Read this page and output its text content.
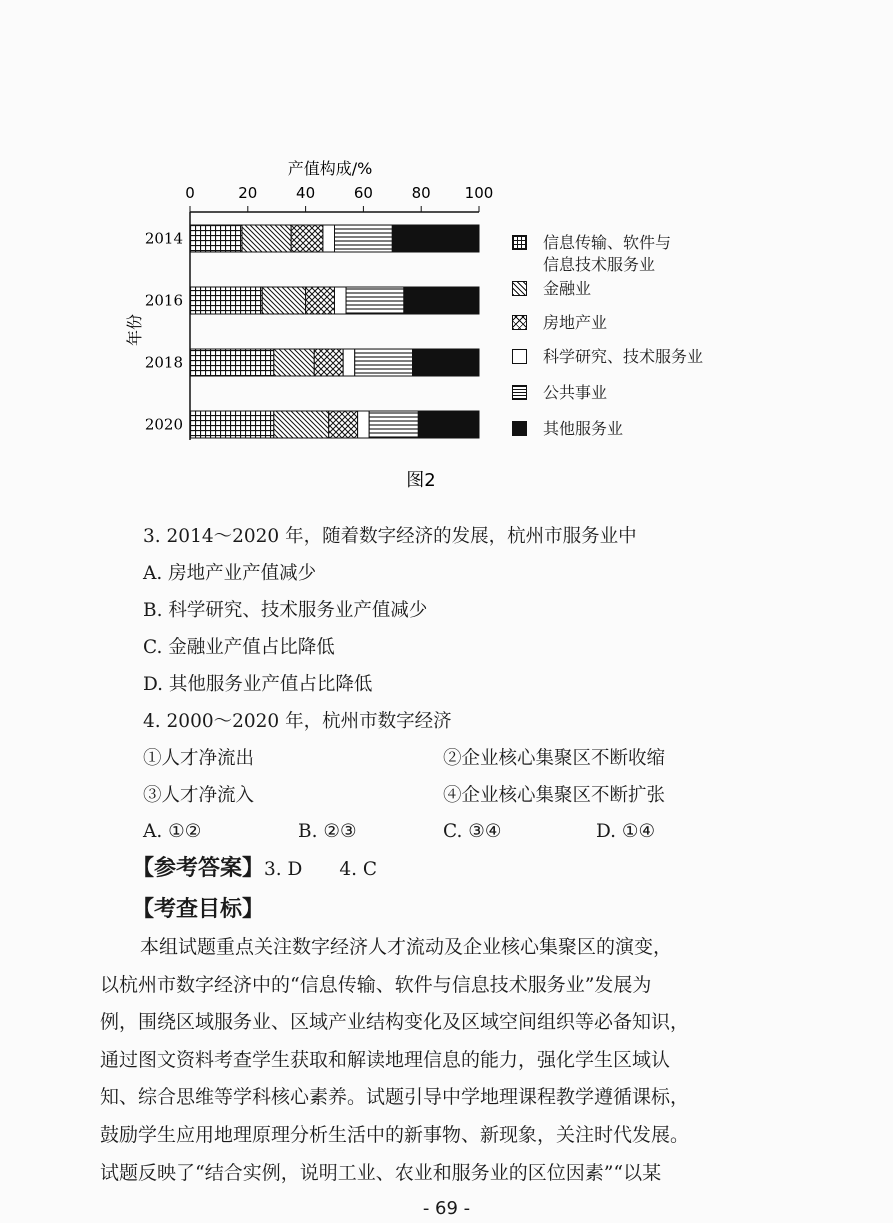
产值构成/%
0	20	40	60	80 100
年份
2014
2016
2018
2020
图2
信息传输、软件与
信息技术服务业
金融业
房地产业
科学研究、技术服务业
公共事业
其他服务业
3. 2014～2020 年，随着数字经济的发展，杭州市服务业中
A. 房地产业产值减少
B. 科学研究、技术服务业产值减少
C. 金融业产值占比降低
D. 其他服务业产值占比降低
4. 2000～2020 年，杭州市数字经济
①人才净流出	②企业核心集聚区不断收缩
③人才净流入	④企业核心集聚区不断扩张
A. ①②	B. ②③	C. ③④	D. ①④
【参考答案】3. D　　4. C
【考查目标】
本组试题重点关注数字经济人才流动及企业核心集聚区的演变，
以杭州市数字经济中的“信息传输、软件与信息技术服务业”发展为
例，围绕区域服务业、区域产业结构变化及区域空间组织等必备知识，
通过图文资料考查学生获取和解读地理信息的能力，强化学生区域认
知、综合思维等学科核心素养。试题引导中学地理课程教学遵循课标，
鼓励学生应用地理原理分析生活中的新事物、新现象，关注时代发展。
试题反映了“结合实例，说明工业、农业和服务业的区位因素”“以某
- 69 -
